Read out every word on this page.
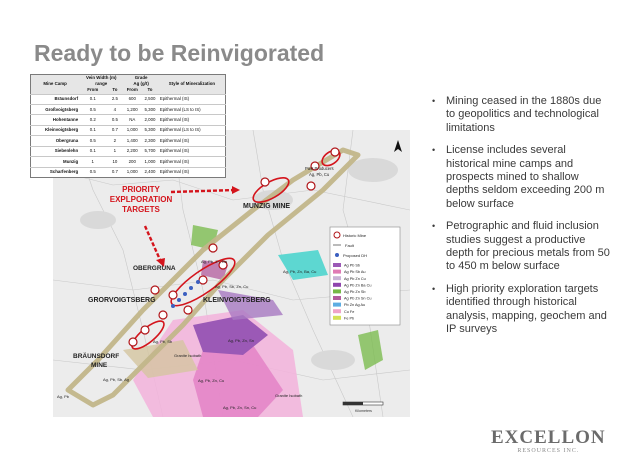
Ready to be Reinvigorated
PRIORITY
EXPLPORATION
TARGETS	MUNZIG MINE
OBERGRUNA
GRORVOIGTSBERG	KLEINVOIGTSBERG
BRÄUNSDORF
MINE
Past Producers
Ag, Pb, Cu
Ag, Pb, Zn, Ba
Ag, Pb, Sb, Zn, Cu
Ag, Pb, Zn, Ba, Cu
Ag, Pb, Zn, Sn
Ag, Pb, Sb, Ag
Ag, Pb, Sb
Ag, Pb, Zn, Cu
Ag, Pb, Zn, Sn, Cu
Ag, Pb
Granite Isobath
Granite Isobath
Historic Mine
Fault
Proposed DH
Ag Pb Sb
Ag Pb Sb Au
Ag Pb Zn Cu
Ag Pb Zn Ba Cu
Ag Pb Zn Sb
Ag Pb Zn Sn Cu
Pb Zn Ag Au
Cu Fe
Fe Pb
Kilometers
Mine Camp	Vein Width (m)		Grade		Style of Mineralization
	range		Ag (g/t)		
	From	To	From	To	
Bräunsdorf	0.1	2.5	600	2,500	Epithermal (IS)
Großvoigtsberg	0.5	4	1,200	5,300	Epithermal (LS to IS)
Hohentanne	0.2	0.5	NA	2,000	Epithermal (IS)
Kleinvoigtsberg	0.1	0.7	1,000	5,300	Epithermal (LS to IS)
Obergruna	0.5	2	1,400	2,300	Epithermal (IS)
Siebenlehn	0.1	1	2,200	5,700	Epithermal (IS)
Munzig	1	10	200	1,000	Epithermal (IS)
Scharfenberg	0.5	0.7	1,000	2,400	Epithermal (IS)
• Mining ceased in the 1880s due to geopolitics and technological limitations
• License includes several historical mine camps and prospects mined to shallow depths seldom exceeding 200 m below surface
• Petrographic and fluid inclusion studies suggest a productive depth for precious metals from 50 to 450 m below surface
• High priority exploration targets identified through historical analysis, mapping, geochem and IP surveys
EXCELLON
RESOURCES INC.
